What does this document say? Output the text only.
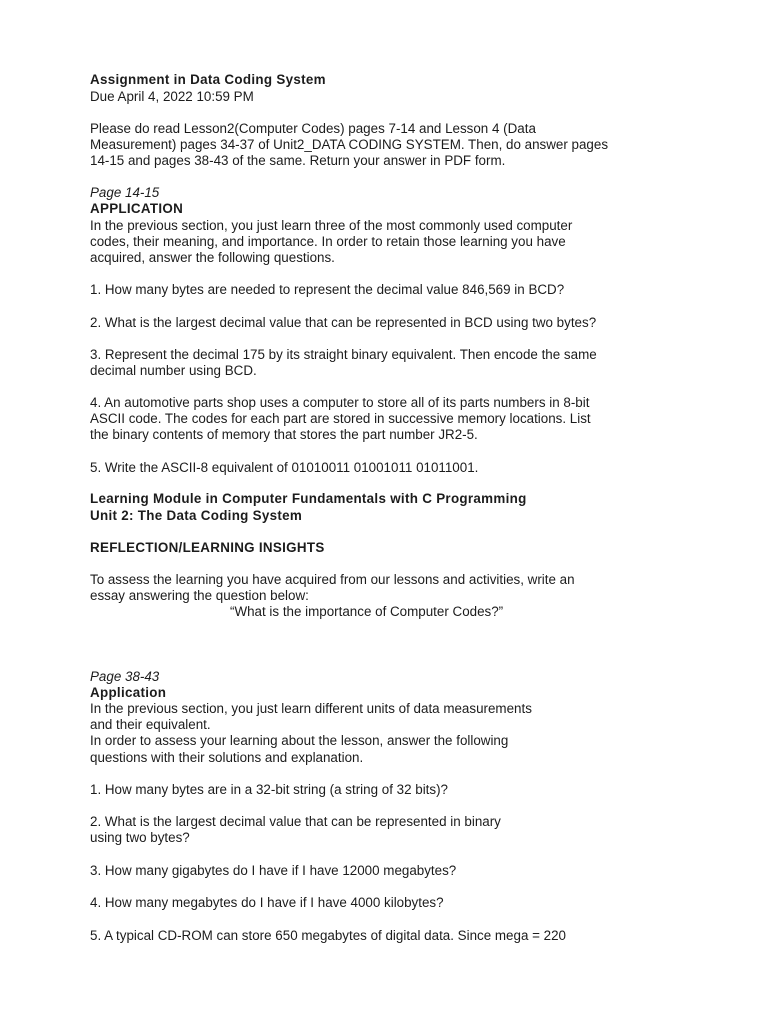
Assignment in Data Coding System

Due April 4, 2022 10:59 PM

Please do read Lesson2(Computer Codes) pages 7-14 and Lesson 4 (Data

Measurement) pages 34-37 of Unit2_DATA CODING SYSTEM. Then, do answer pages

14-15 and pages 38-43 of the same. Return your answer in PDF form.

Page 14-15

APPLICATION

In the previous section, you just learn three of the most commonly used computer

codes, their meaning, and importance. In order to retain those learning you have

acquired, answer the following questions.

1. How many bytes are needed to represent the decimal value 846,569 in BCD?

2. What is the largest decimal value that can be represented in BCD using two bytes?

3. Represent the decimal 175 by its straight binary equivalent. Then encode the same

decimal number using BCD.

4. An automotive parts shop uses a computer to store all of its parts numbers in 8-bit

ASCII code. The codes for each part are stored in successive memory locations. List

the binary contents of memory that stores the part number JR2-5.

5. Write the ASCII-8 equivalent of 01010011 01001011 01011001.

Learning Module in Computer Fundamentals with C Programming

Unit 2: The Data Coding System

REFLECTION/LEARNING INSIGHTS

To assess the learning you have acquired from our lessons and activities, write an

essay answering the question below:

“What is the importance of Computer Codes?”

Page 38-43

Application

In the previous section, you just learn different units of data measurements

and their equivalent.

In order to assess your learning about the lesson, answer the following

questions with their solutions and explanation.

1. How many bytes are in a 32-bit string (a string of 32 bits)?

2. What is the largest decimal value that can be represented in binary

using two bytes?

3. How many gigabytes do I have if I have 12000 megabytes?

4. How many megabytes do I have if I have 4000 kilobytes?

5. A typical CD-ROM can store 650 megabytes of digital data. Since mega = 220
